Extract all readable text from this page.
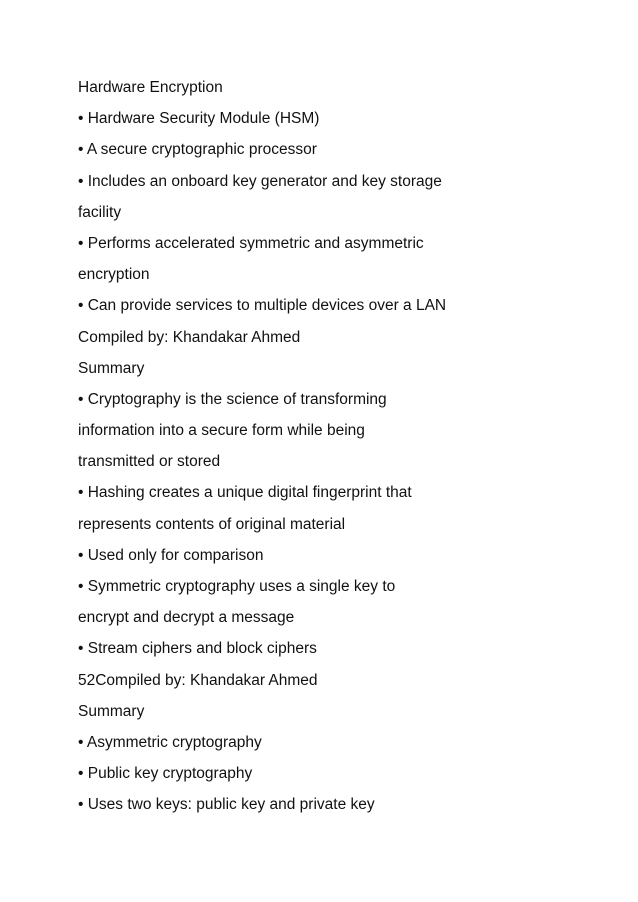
Hardware Encryption
• Hardware Security Module (HSM)
• A secure cryptographic processor
• Includes an onboard key generator and key storage
facility
• Performs accelerated symmetric and asymmetric
encryption
• Can provide services to multiple devices over a LAN
Compiled by: Khandakar Ahmed
Summary
• Cryptography is the science of transforming
information into a secure form while being
transmitted or stored
• Hashing creates a unique digital fingerprint that
represents contents of original material
• Used only for comparison
• Symmetric cryptography uses a single key to
encrypt and decrypt a message
• Stream ciphers and block ciphers
52Compiled by: Khandakar Ahmed
Summary
• Asymmetric cryptography
• Public key cryptography
• Uses two keys: public key and private key
